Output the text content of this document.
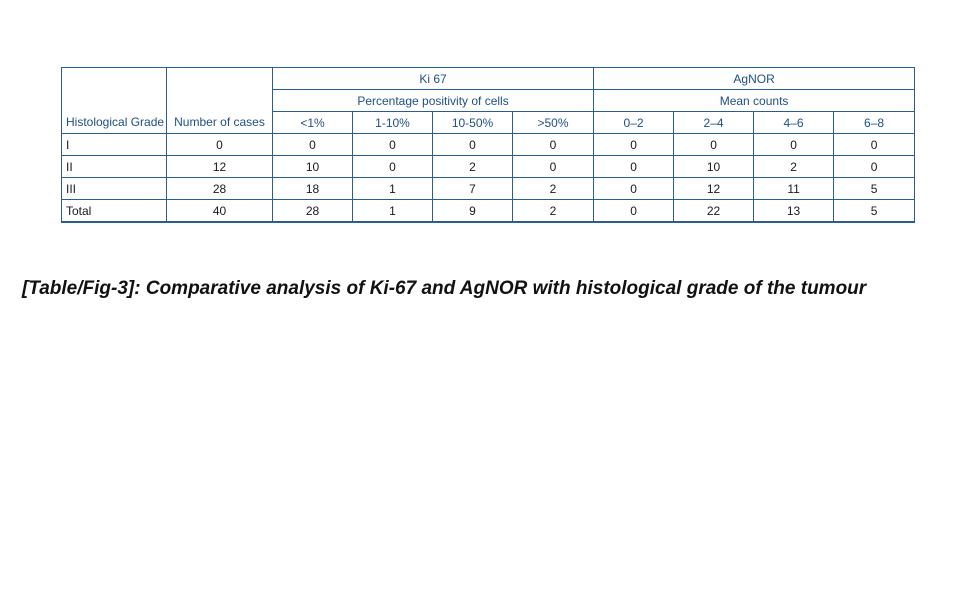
Histological Grade	Number of cases	Ki 67				AgNOR			
		Percentage positivity of cells				Mean counts			
		<1%	1-10%	10-50%	>50%	0–2	2–4	4–6	6–8
I	0	0	0	0	0	0	0	0	0
II	12	10	0	2	0	0	10	2	0
III	28	18	1	7	2	0	12	11	5
Total	40	28	1	9	2	0	22	13	5

[Table/Fig-3]: Comparative analysis of Ki-67 and AgNOR with histological grade of the tumour
